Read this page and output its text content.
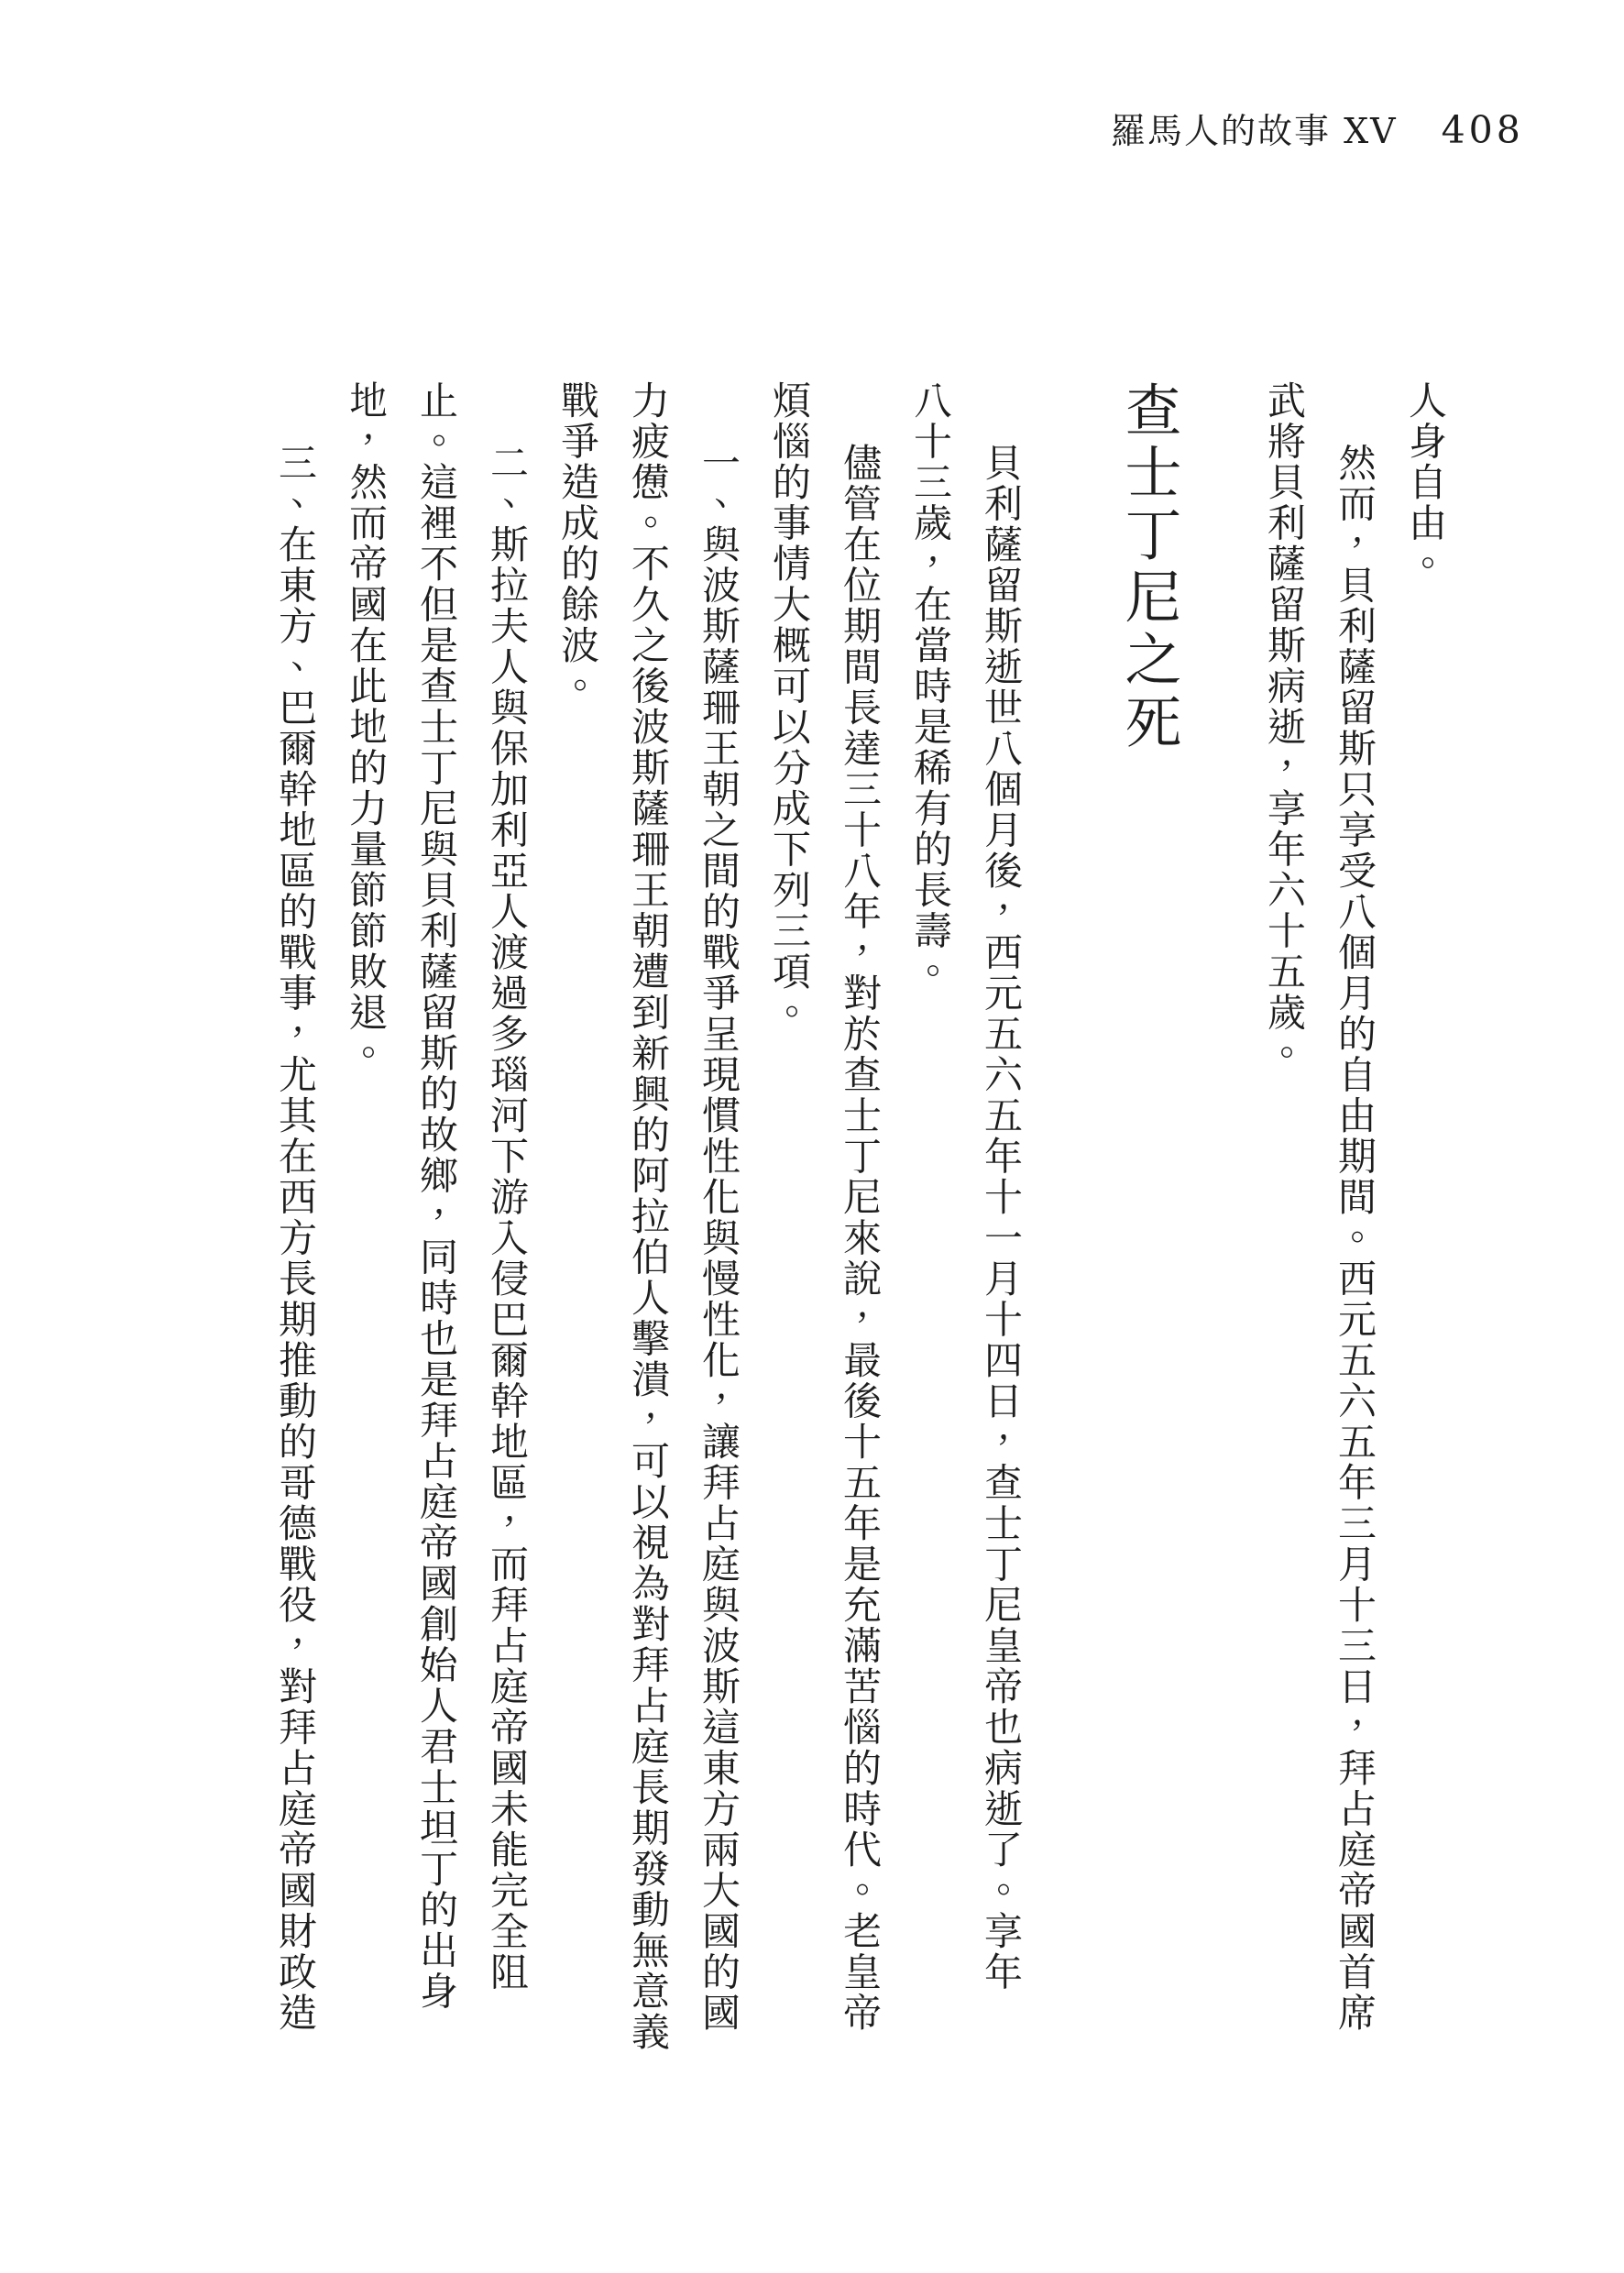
羅馬人的故事 XV 408

人身自由。

然而，貝利薩留斯只享受八個月的自由期間。西元五六五年三月十三日，拜占庭帝國首席

武將貝利薩留斯病逝，享年六十五歲。

查士丁尼之死

貝利薩留斯逝世八個月後，西元五六五年十一月十四日，查士丁尼皇帝也病逝了。享年

八十三歲，在當時是稀有的長壽。

儘管在位期間長達三十八年，對於查士丁尼來說，最後十五年是充滿苦惱的時代。老皇帝

煩惱的事情大概可以分成下列三項。

一、與波斯薩珊王朝之間的戰爭呈現慣性化與慢性化，讓拜占庭與波斯這東方兩大國的國

力疲憊。不久之後波斯薩珊王朝遭到新興的阿拉伯人擊潰，可以視為對拜占庭長期發動無意義

戰爭造成的餘波。

二、斯拉夫人與保加利亞人渡過多瑙河下游入侵巴爾幹地區，而拜占庭帝國未能完全阻

止。這裡不但是查士丁尼與貝利薩留斯的故鄉，同時也是拜占庭帝國創始人君士坦丁的出身

地，然而帝國在此地的力量節節敗退。

三、在東方、巴爾幹地區的戰事，尤其在西方長期推動的哥德戰役，對拜占庭帝國財政造
